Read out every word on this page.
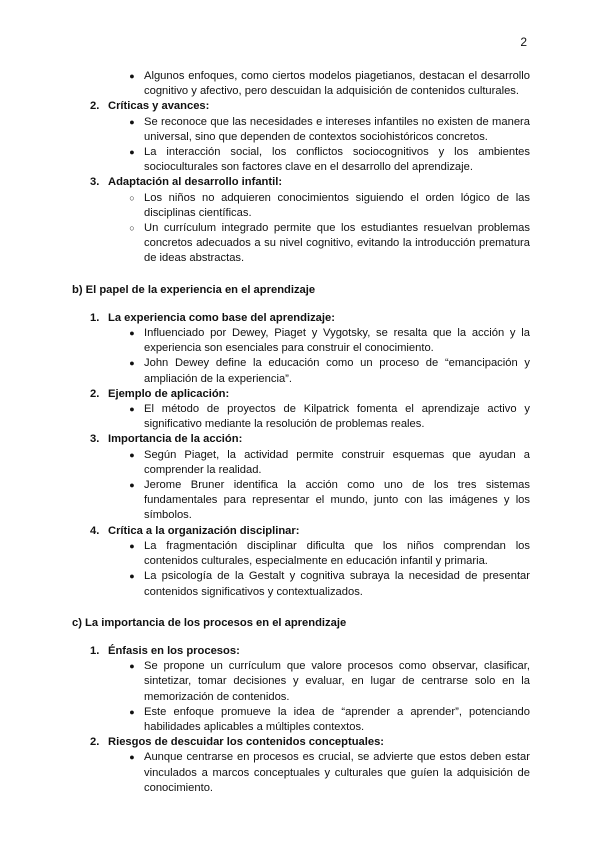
2
● Algunos enfoques, como ciertos modelos piagetianos, destacan el desarrollo cognitivo y afectivo, pero descuidan la adquisición de contenidos culturales.
2. Críticas y avances:
● Se reconoce que las necesidades e intereses infantiles no existen de manera universal, sino que dependen de contextos sociohistóricos concretos.
● La interacción social, los conflictos sociocognitivos y los ambientes socioculturales son factores clave en el desarrollo del aprendizaje.
3. Adaptación al desarrollo infantil:
○ Los niños no adquieren conocimientos siguiendo el orden lógico de las disciplinas científicas.
○ Un currículum integrado permite que los estudiantes resuelvan problemas concretos adecuados a su nivel cognitivo, evitando la introducción prematura de ideas abstractas.
b) El papel de la experiencia en el aprendizaje
1. La experiencia como base del aprendizaje:
● Influenciado por Dewey, Piaget y Vygotsky, se resalta que la acción y la experiencia son esenciales para construir el conocimiento.
● John Dewey define la educación como un proceso de “emancipación y ampliación de la experiencia”.
2. Ejemplo de aplicación:
● El método de proyectos de Kilpatrick fomenta el aprendizaje activo y significativo mediante la resolución de problemas reales.
3. Importancia de la acción:
● Según Piaget, la actividad permite construir esquemas que ayudan a comprender la realidad.
● Jerome Bruner identifica la acción como uno de los tres sistemas fundamentales para representar el mundo, junto con las imágenes y los símbolos.
4. Crítica a la organización disciplinar:
● La fragmentación disciplinar dificulta que los niños comprendan los contenidos culturales, especialmente en educación infantil y primaria.
● La psicología de la Gestalt y cognitiva subraya la necesidad de presentar contenidos significativos y contextualizados.
c) La importancia de los procesos en el aprendizaje
1. Énfasis en los procesos:
● Se propone un currículum que valore procesos como observar, clasificar, sintetizar, tomar decisiones y evaluar, en lugar de centrarse solo en la memorización de contenidos.
● Este enfoque promueve la idea de “aprender a aprender”, potenciando habilidades aplicables a múltiples contextos.
2. Riesgos de descuidar los contenidos conceptuales:
● Aunque centrarse en procesos es crucial, se advierte que estos deben estar vinculados a marcos conceptuales y culturales que guíen la adquisición de conocimiento.
